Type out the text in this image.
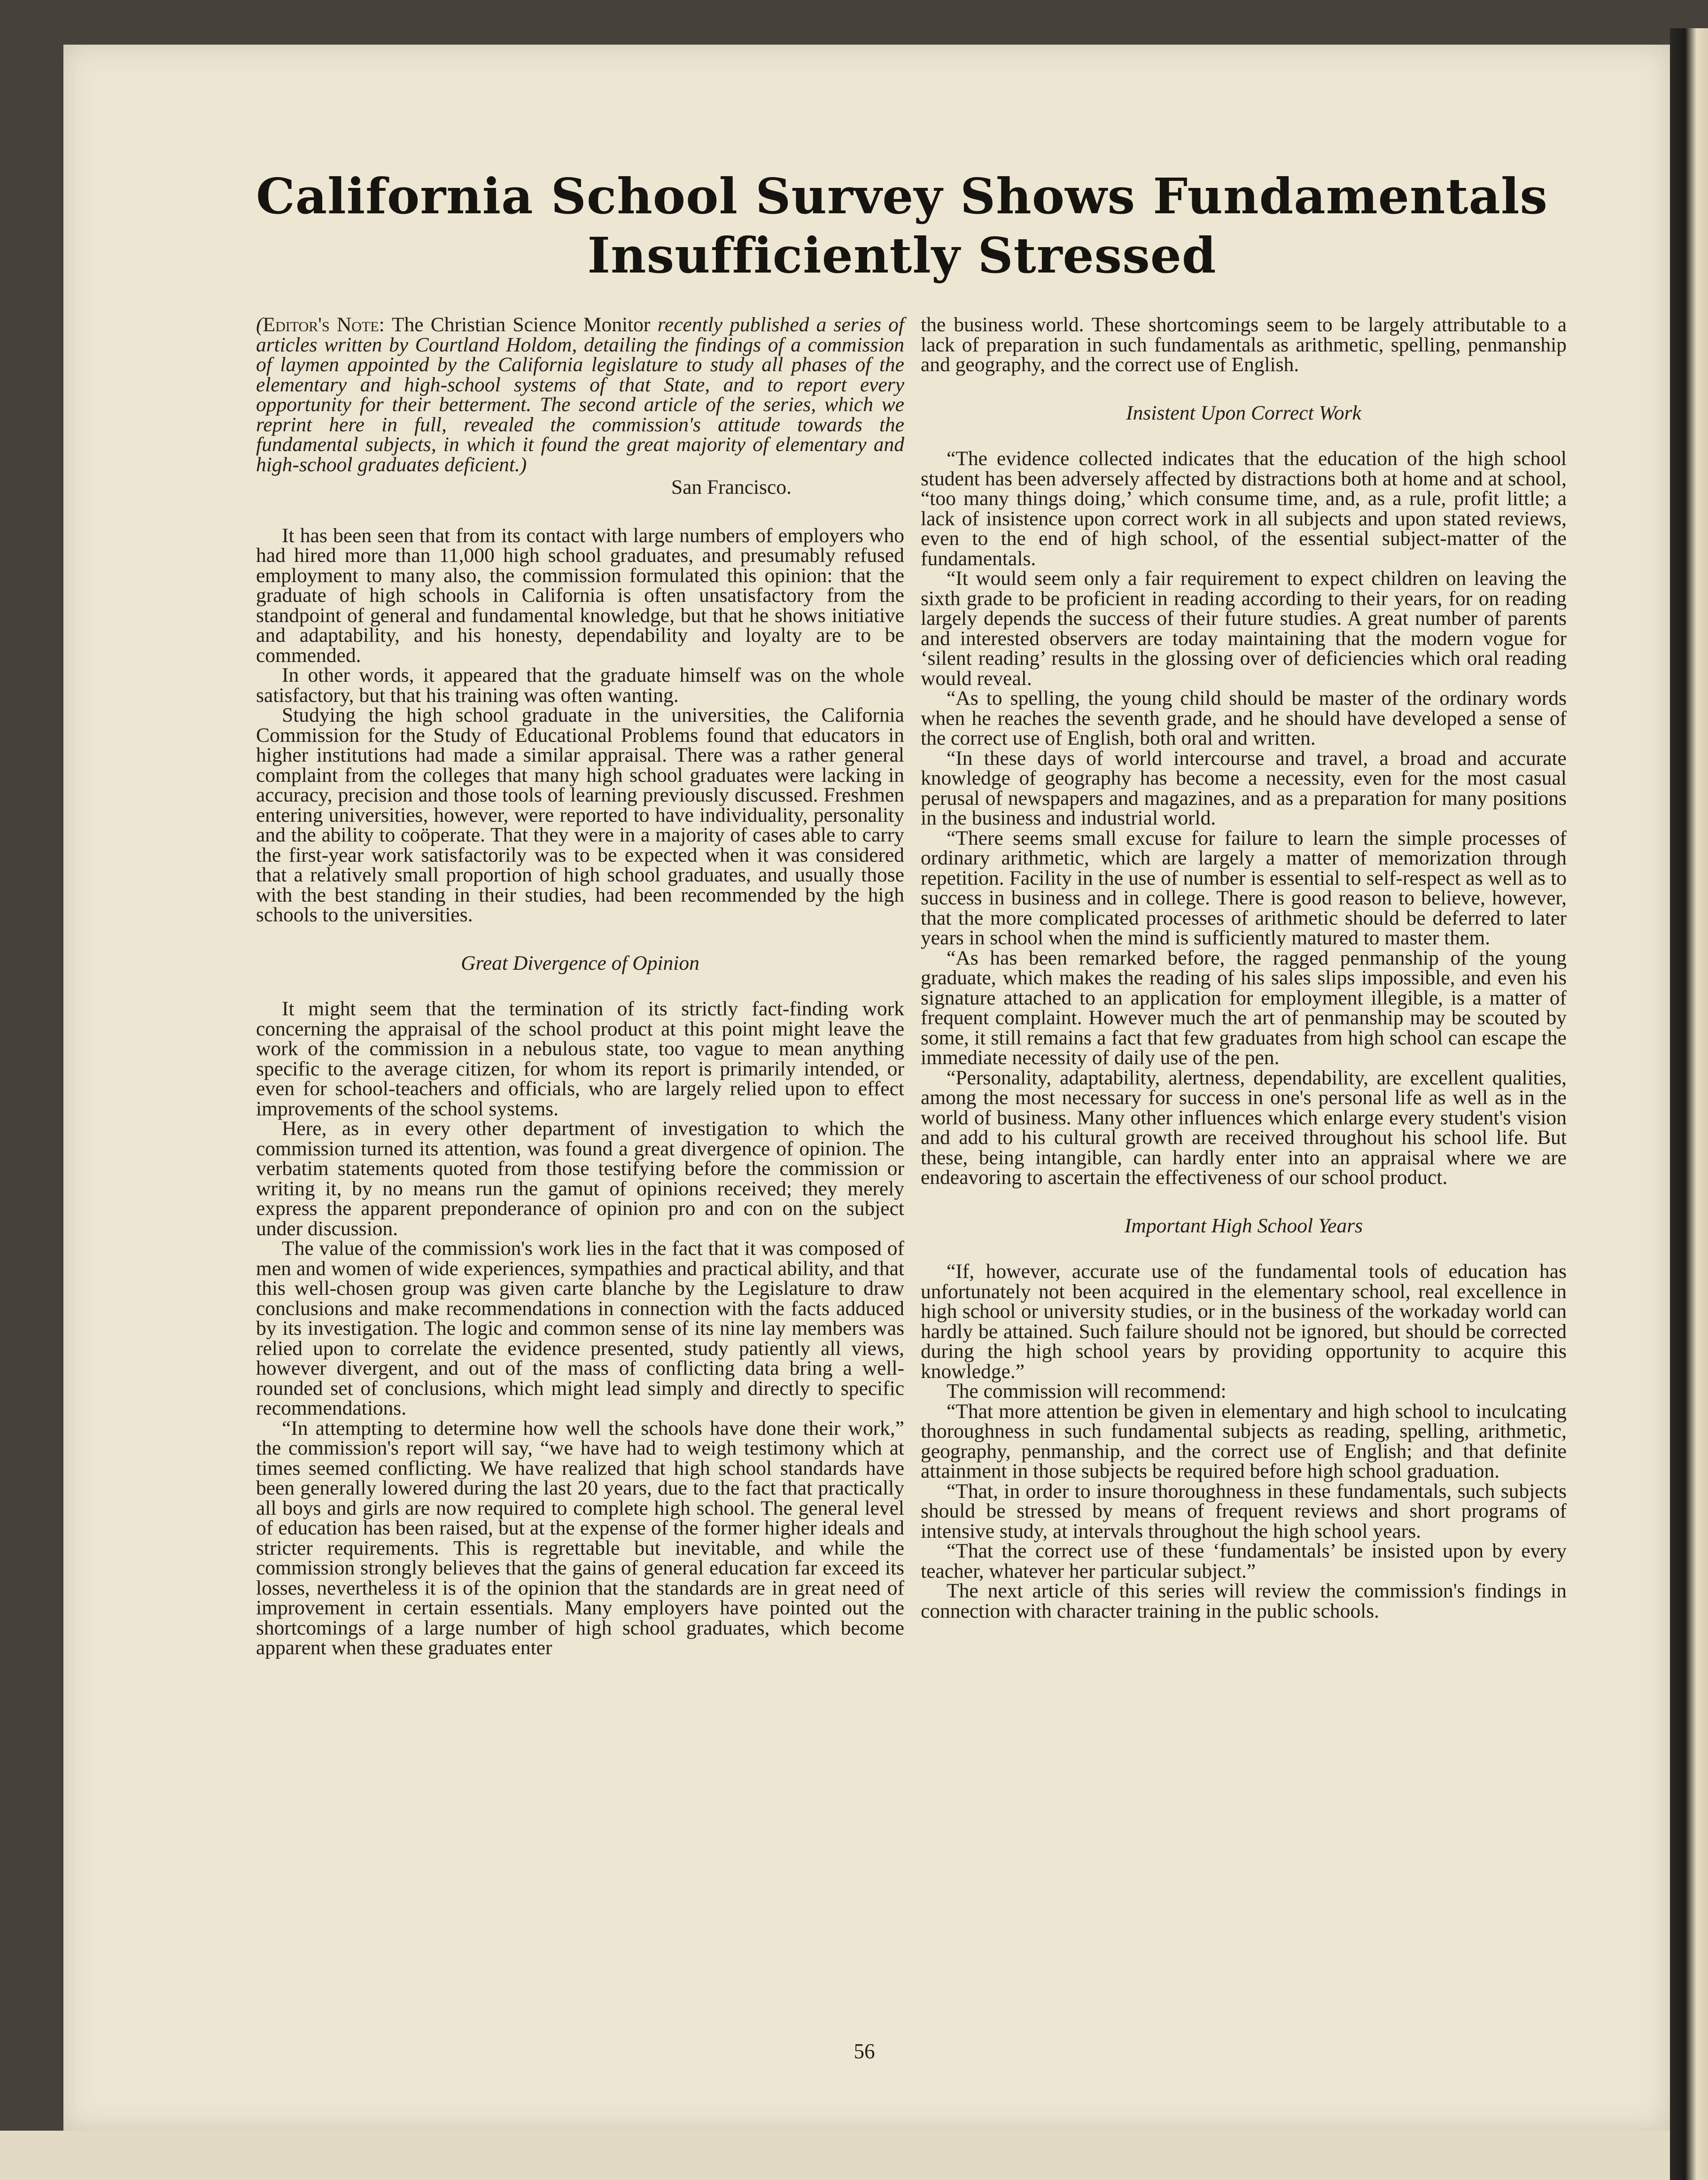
California School Survey Shows Fundamentals Insufficiently Stressed

(Editor's Note: The Christian Science Monitor recently published a series of articles written by Courtland Holdom, detailing the findings of a commission of laymen appointed by the California legislature to study all phases of the elementary and high-school systems of that State, and to report every opportunity for their betterment. The second article of the series, which we reprint here in full, revealed the commission's attitude towards the fundamental subjects, in which it found the great majority of elementary and high-school graduates deficient.)

San Francisco.

It has been seen that from its contact with large numbers of employers who had hired more than 11,000 high school graduates, and presumably refused employment to many also, the commission formulated this opinion: that the graduate of high schools in California is often unsatisfactory from the standpoint of general and fundamental knowledge, but that he shows initiative and adaptability, and his honesty, dependability and loyalty are to be commended.

In other words, it appeared that the graduate himself was on the whole satisfactory, but that his training was often wanting.

Studying the high school graduate in the universities, the California Commission for the Study of Educational Problems found that educators in higher institutions had made a similar appraisal. There was a rather general complaint from the colleges that many high school graduates were lacking in accuracy, precision and those tools of learning previously discussed. Freshmen entering universities, however, were reported to have individuality, personality and the ability to coöperate. That they were in a majority of cases able to carry the first-year work satisfactorily was to be expected when it was considered that a relatively small proportion of high school graduates, and usually those with the best standing in their studies, had been recommended by the high schools to the universities.

Great Divergence of Opinion

It might seem that the termination of its strictly fact-finding work concerning the appraisal of the school product at this point might leave the work of the commission in a nebulous state, too vague to mean anything specific to the average citizen, for whom its report is primarily intended, or even for school-teachers and officials, who are largely relied upon to effect improvements of the school systems.

Here, as in every other department of investigation to which the commission turned its attention, was found a great divergence of opinion. The verbatim statements quoted from those testifying before the commission or writing it, by no means run the gamut of opinions received; they merely express the apparent preponderance of opinion pro and con on the subject under discussion.

The value of the commission's work lies in the fact that it was composed of men and women of wide experiences, sympathies and practical ability, and that this well-chosen group was given carte blanche by the Legislature to draw conclusions and make recommendations in connection with the facts adduced by its investigation. The logic and common sense of its nine lay members was relied upon to correlate the evidence presented, study patiently all views, however divergent, and out of the mass of conflicting data bring a well-rounded set of conclusions, which might lead simply and directly to specific recommendations.

“In attempting to determine how well the schools have done their work,” the commission's report will say, “we have had to weigh testimony which at times seemed conflicting. We have realized that high school standards have been generally lowered during the last 20 years, due to the fact that practically all boys and girls are now required to complete high school. The general level of education has been raised, but at the expense of the former higher ideals and stricter requirements. This is regrettable but inevitable, and while the commission strongly believes that the gains of general education far exceed its losses, nevertheless it is of the opinion that the standards are in great need of improvement in certain essentials. Many employers have pointed out the shortcomings of a large number of high school graduates, which become apparent when these graduates enter

the business world. These shortcomings seem to be largely attributable to a lack of preparation in such fundamentals as arithmetic, spelling, penmanship and geography, and the correct use of English.

Insistent Upon Correct Work

“The evidence collected indicates that the education of the high school student has been adversely affected by distractions both at home and at school, “too many things doing,’ which consume time, and, as a rule, profit little; a lack of insistence upon correct work in all subjects and upon stated reviews, even to the end of high school, of the essential subject-matter of the fundamentals.

“It would seem only a fair requirement to expect children on leaving the sixth grade to be proficient in reading according to their years, for on reading largely depends the success of their future studies. A great number of parents and interested observers are today maintaining that the modern vogue for ‘silent reading’ results in the glossing over of deficiencies which oral reading would reveal.

“As to spelling, the young child should be master of the ordinary words when he reaches the seventh grade, and he should have developed a sense of the correct use of English, both oral and written.

“In these days of world intercourse and travel, a broad and accurate knowledge of geography has become a necessity, even for the most casual perusal of newspapers and magazines, and as a preparation for many positions in the business and industrial world.

“There seems small excuse for failure to learn the simple processes of ordinary arithmetic, which are largely a matter of memorization through repetition. Facility in the use of number is essential to self-respect as well as to success in business and in college. There is good reason to believe, however, that the more complicated processes of arithmetic should be deferred to later years in school when the mind is sufficiently matured to master them.

“As has been remarked before, the ragged penmanship of the young graduate, which makes the reading of his sales slips impossible, and even his signature attached to an application for employment illegible, is a matter of frequent complaint. However much the art of penmanship may be scouted by some, it still remains a fact that few graduates from high school can escape the immediate necessity of daily use of the pen.

“Personality, adaptability, alertness, dependability, are excellent qualities, among the most necessary for success in one's personal life as well as in the world of business. Many other influences which enlarge every student's vision and add to his cultural growth are received throughout his school life. But these, being intangible, can hardly enter into an appraisal where we are endeavoring to ascertain the effectiveness of our school product.

Important High School Years

“If, however, accurate use of the fundamental tools of education has unfortunately not been acquired in the elementary school, real excellence in high school or university studies, or in the business of the workaday world can hardly be attained. Such failure should not be ignored, but should be corrected during the high school years by providing opportunity to acquire this knowledge.”

The commission will recommend:

“That more attention be given in elementary and high school to inculcating thoroughness in such fundamental subjects as reading, spelling, arithmetic, geography, penmanship, and the correct use of English; and that definite attainment in those subjects be required before high school graduation.

“That, in order to insure thoroughness in these fundamentals, such subjects should be stressed by means of frequent reviews and short programs of intensive study, at intervals throughout the high school years.

“That the correct use of these ‘fundamentals’ be insisted upon by every teacher, whatever her particular subject.”

The next article of this series will review the commission's findings in connection with character training in the public schools.

56
